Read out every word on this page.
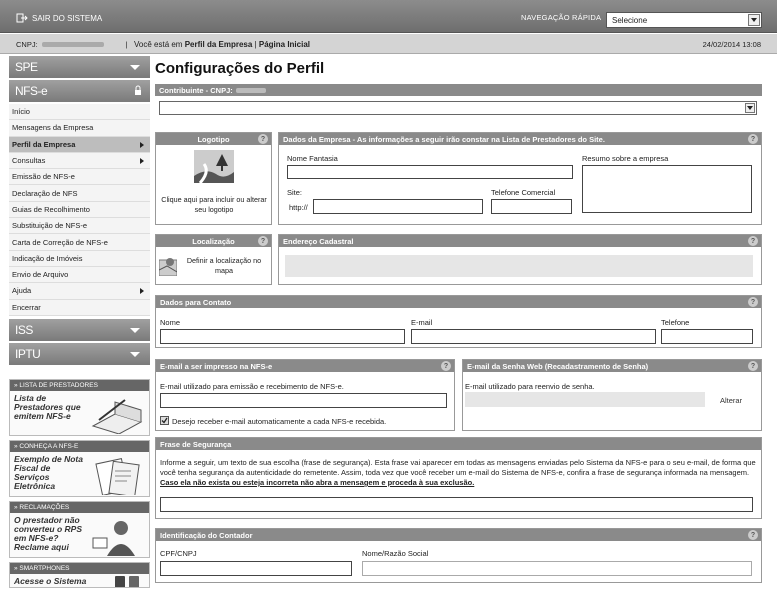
SAIR DO SISTEMA	NAVEGAÇÃO RÁPIDA	Selecione
CNPJ:	| Você está em Perfil da Empresa | Página Inicial	24/02/2014 13:08
SPE
NFS-e
Início
Mensagens da Empresa
Perfil da Empresa
Consultas
Emissão de NFS-e
Declaração de NFS
Guias de Recolhimento
Substituição de NFS-e
Carta de Correção de NFS-e
Indicação de Imóveis
Envio de Arquivo
Ajuda
Encerrar
ISS
IPTU
» LISTA DE PRESTADORES
Lista de Prestadores que emitem NFS-e
» CONHEÇA A NFS-E
Exemplo de Nota Fiscal de Serviços Eletrônica
» RECLAMAÇÕES
O prestador não converteu o RPS em NFS-e? Reclame aqui
» SMARTPHONES
Acesse o Sistema
Configurações do Perfil
Contribuinte - CNPJ:
Logotipo	?
Clique aqui para incluir ou alterar seu logotipo
Dados da Empresa - As informações a seguir irão constar na Lista de Prestadores do Site.	?
Nome Fantasia	Resumo sobre a empresa
Site:
http://
Telefone Comercial
Localização	?
Definir a localização no mapa
Endereço Cadastral	?
Dados para Contato	?
Nome	E-mail	Telefone
E-mail a ser impresso na NFS-e	?
E-mail utilizado para emissão e recebimento de NFS-e.
Desejo receber e-mail automaticamente a cada NFS-e recebida.
E-mail da Senha Web (Recadastramento de Senha)	?
E-mail utilizado para reenvio de senha.
Alterar
Frase de Segurança
Informe a seguir, um texto de sua escolha (frase de segurança). Esta frase vai aparecer em todas as mensagens enviadas pelo Sistema da NFS-e para o seu e-mail, de forma que você tenha segurança da autenticidade do remetente. Assim, toda vez que você receber um e-mail do Sistema de NFS-e, confira a frase de segurança informada na mensagem. Caso ela não exista ou esteja incorreta não abra a mensagem e proceda à sua exclusão.
Identificação do Contador	?
CPF/CNPJ	Nome/Razão Social
